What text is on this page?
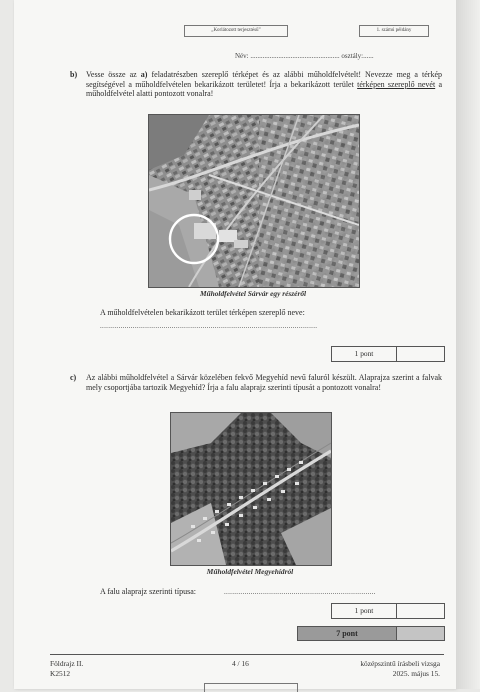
„Korlátozott terjesztésű”	1. számú példány
Név: ................................................... osztály:......
b) Vesse össze az a) feladatrészben szereplő térképet és az alábbi műholdfelvételt! Nevezze meg a térkép segítségével a műholdfelvételen bekarikázott területet! Írja a bekarikázott terület térképen szereplő nevét a műholdfelvétel alatti pontozott vonalra!
Műholdfelvétel Sárvár egy részéről
A műholdfelvételen bekarikázott terület térképen szereplő neve:
..........................................................................................................
1 pont
c) Az alábbi műholdfelvétel a Sárvár közelében fekvő Megyehíd nevű faluról készült. Alaprajza szerint a falvak mely csoportjába tartozik Megyehíd? Írja a falu alaprajz szerinti típusát a pontozott vonalra!
Műholdfelvétel Megyehídról
A falu alaprajz szerinti típusa:	..........................................................................
1 pont
7 pont
Földrajz II.
K2512
4 / 16	középszintű írásbeli vizsga
2025. május 15.
